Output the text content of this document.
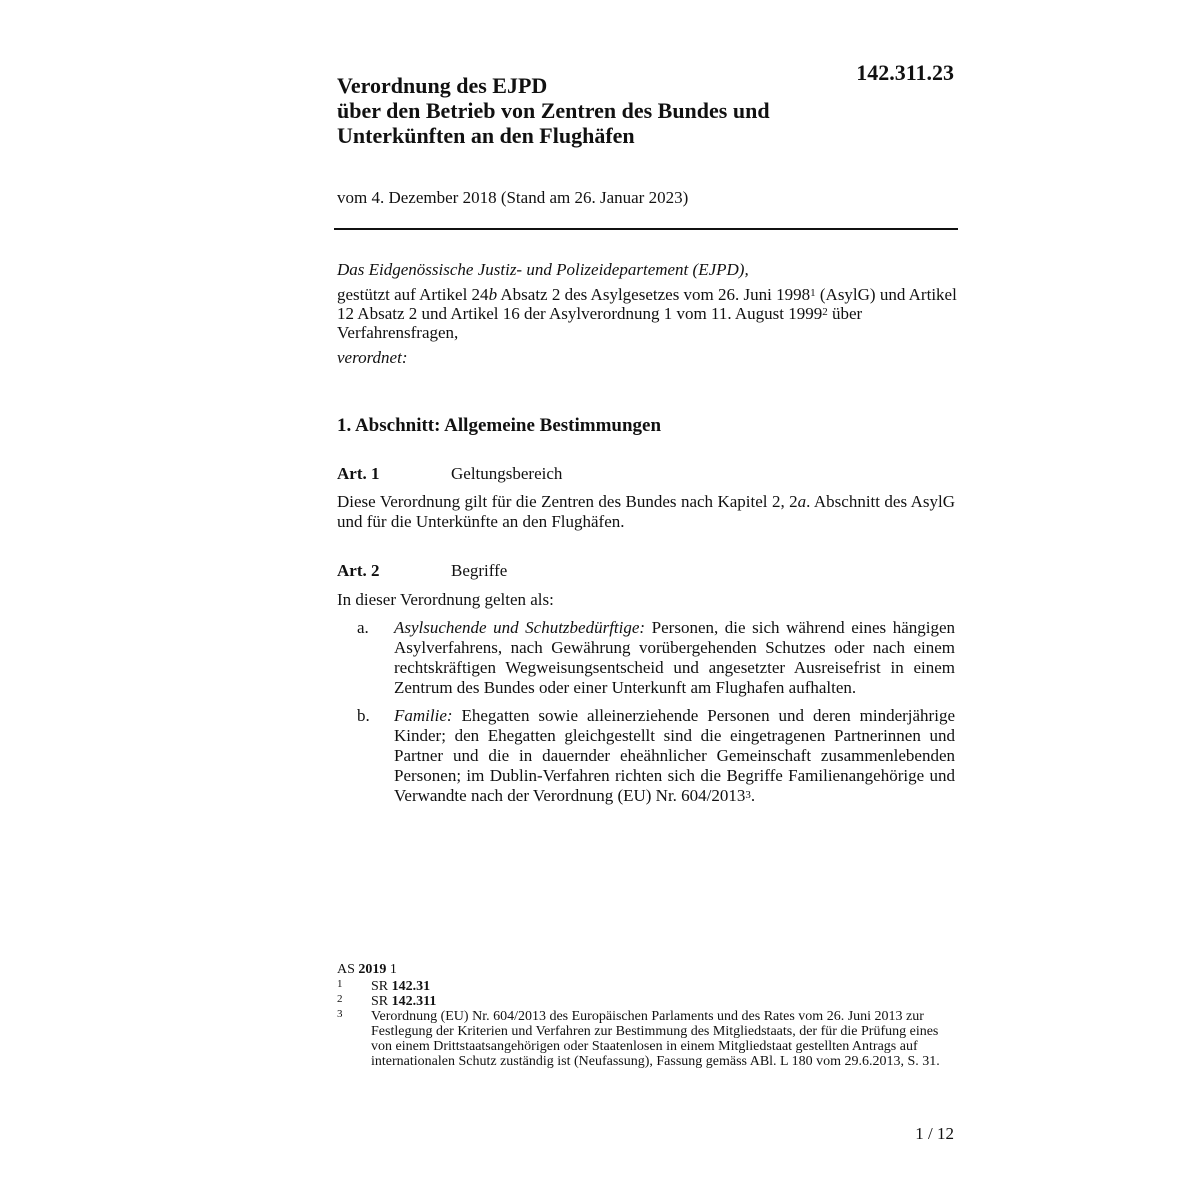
142.311.23

Verordnung des EJPD
über den Betrieb von Zentren des Bundes und
Unterkünften an den Flughäfen

vom 4. Dezember 2018 (Stand am 26. Januar 2023)

Das Eidgenössische Justiz- und Polizeidepartement (EJPD),

gestützt auf Artikel 24b Absatz 2 des Asylgesetzes vom 26. Juni 1998$^1$ (AsylG) und Artikel 12 Absatz 2 und Artikel 16 der Asylverordnung 1 vom 11. August 1999$^2$ über Verfahrensfragen,

verordnet:

1. Abschnitt: Allgemeine Bestimmungen

Art. 1	Geltungsbereich

Diese Verordnung gilt für die Zentren des Bundes nach Kapitel 2, 2a. Abschnitt des AsylG und für die Unterkünfte an den Flughäfen.

Art. 2	Begriffe

In dieser Verordnung gelten als:

a. Asylsuchende und Schutzbedürftige: Personen, die sich während eines hängigen Asylverfahrens, nach Gewährung vorübergehenden Schutzes oder nach einem rechtskräftigen Wegweisungsentscheid und angesetzter Ausreisefrist in einem Zentrum des Bundes oder einer Unterkunft am Flughafen aufhalten.
b. Familie: Ehegatten sowie alleinerziehende Personen und deren minderjährige Kinder; den Ehegatten gleichgestellt sind die eingetragenen Partnerinnen und Partner und die in dauernder eheähnlicher Gemeinschaft zusammenlebenden Personen; im Dublin-Verfahren richten sich die Begriffe Familienangehörige und Verwandte nach der Verordnung (EU) Nr. 604/2013$^3$.

AS 2019 1

1 SR 142.31

2 SR 142.311

3 Verordnung (EU) Nr. 604/2013 des Europäischen Parlaments und des Rates vom 26. Juni 2013 zur Festlegung der Kriterien und Verfahren zur Bestimmung des Mitgliedstaats, der für die Prüfung eines von einem Drittstaatsangehörigen oder Staatenlosen in einem Mitgliedstaat gestellten Antrags auf internationalen Schutz zuständig ist (Neufassung), Fassung gemäss ABl. L 180 vom 29.6.2013, S. 31.

1 / 12
